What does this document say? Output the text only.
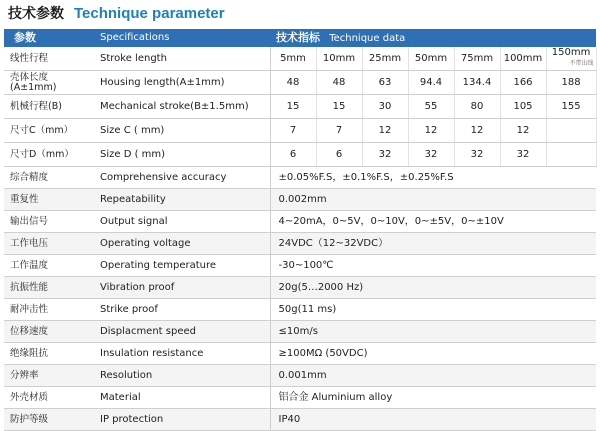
技术参数 Technique parameter
参数	Specifications	技术指标 Technique data						
线性行程	Stroke length	5mm	10mm	25mm	50mm	75mm	100mm	150mm
不带出线

壳体长度
(A±1mm)	Housing length(A±1mm)	48	48	63	94.4	134.4	166	188
机械行程(B)	Mechanical stroke(B±1.5mm)	15	15	30	55	80	105	155
尺寸C（mm）	Size C ( mm)	7	7	12	12	12	12	
尺寸D（mm）	Size D ( mm)	6	6	32	32	32	32	
综合精度	Comprehensive accuracy	±0.05%F.S，±0.1%F.S，±0.25%F.S						
重复性	Repeatability	0.002mm						
输出信号	Output signal	4~20mA，0~5V，0~10V，0~±5V，0~±10V						
工作电压	Operating voltage	24VDC（12~32VDC）						
工作温度	Operating temperature	-30~100℃						
抗振性能	Vibration proof	20g(5…2000 Hz)						
耐冲击性	Strike proof	50g(11 ms)						
位移速度	Displacment speed	≤10m/s						
绝缘阻抗	Insulation resistance	≥100MΩ (50VDC)						
分辨率	Resolution	0.001mm						
外壳材质	Material	铝合金 Aluminium alloy						
防护等级	IP protection	IP40						
